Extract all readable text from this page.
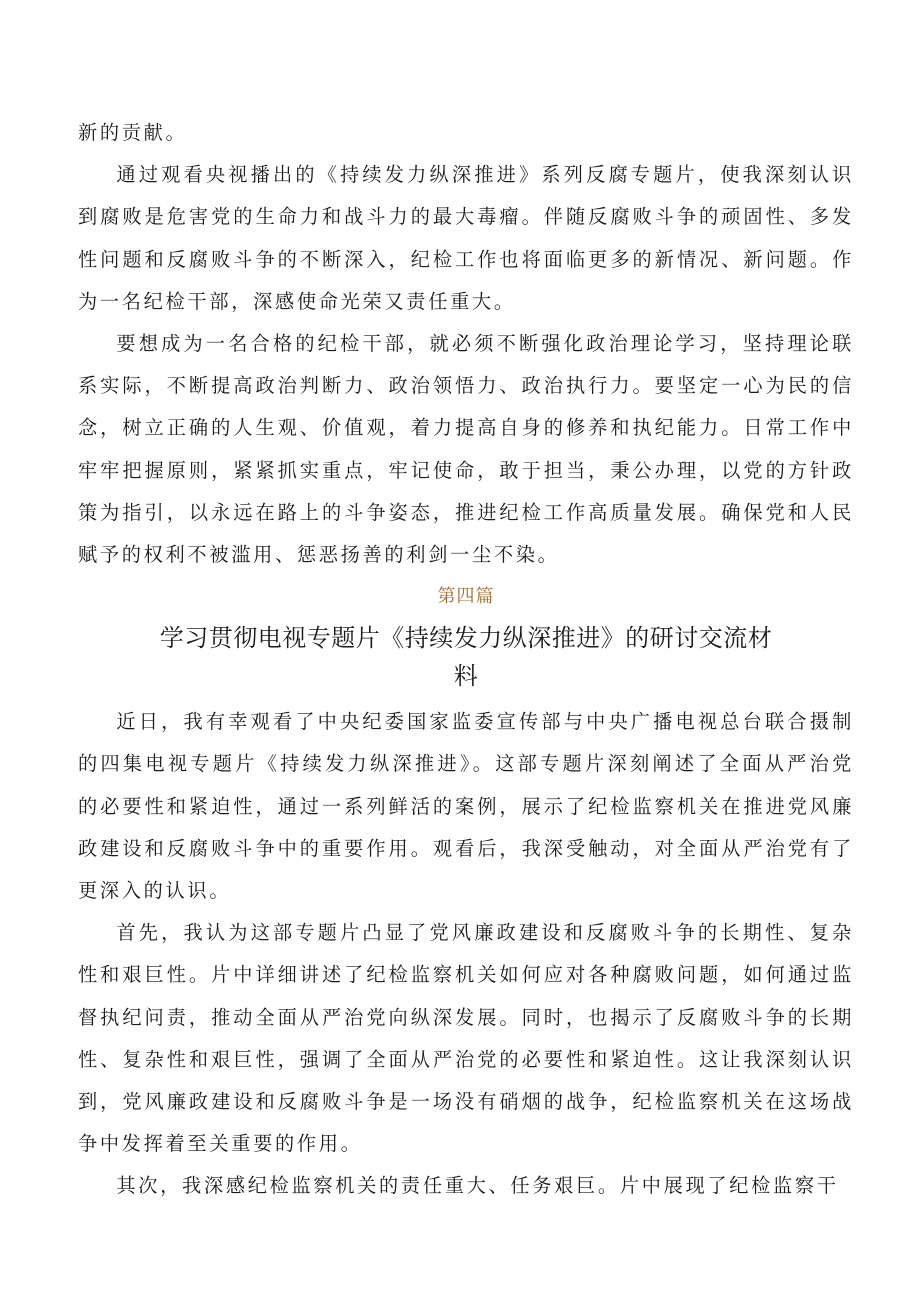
新的贡献。

通过观看央视播出的《持续发力纵深推进》系列反腐专题片，使我深刻认识到腐败是危害党的生命力和战斗力的最大毒瘤。伴随反腐败斗争的顽固性、多发性问题和反腐败斗争的不断深入，纪检工作也将面临更多的新情况、新问题。作为一名纪检干部，深感使命光荣又责任重大。

要想成为一名合格的纪检干部，就必须不断强化政治理论学习，坚持理论联系实际，不断提高政治判断力、政治领悟力、政治执行力。要坚定一心为民的信念，树立正确的人生观、价值观，着力提高自身的修养和执纪能力。日常工作中牢牢把握原则，紧紧抓实重点，牢记使命，敢于担当，秉公办理，以党的方针政策为指引，以永远在路上的斗争姿态，推进纪检工作高质量发展。确保党和人民赋予的权利不被滥用、惩恶扬善的利剑一尘不染。

第四篇
学习贯彻电视专题片《持续发力纵深推进》的研讨交流材料

近日，我有幸观看了中央纪委国家监委宣传部与中央广播电视总台联合摄制的四集电视专题片《持续发力纵深推进》。这部专题片深刻阐述了全面从严治党的必要性和紧迫性，通过一系列鲜活的案例，展示了纪检监察机关在推进党风廉政建设和反腐败斗争中的重要作用。观看后，我深受触动，对全面从严治党有了更深入的认识。

首先，我认为这部专题片凸显了党风廉政建设和反腐败斗争的长期性、复杂性和艰巨性。片中详细讲述了纪检监察机关如何应对各种腐败问题，如何通过监督执纪问责，推动全面从严治党向纵深发展。同时，也揭示了反腐败斗争的长期性、复杂性和艰巨性，强调了全面从严治党的必要性和紧迫性。这让我深刻认识到，党风廉政建设和反腐败斗争是一场没有硝烟的战争，纪检监察机关在这场战争中发挥着至关重要的作用。

其次，我深感纪检监察机关的责任重大、任务艰巨。片中展现了纪检监察干
